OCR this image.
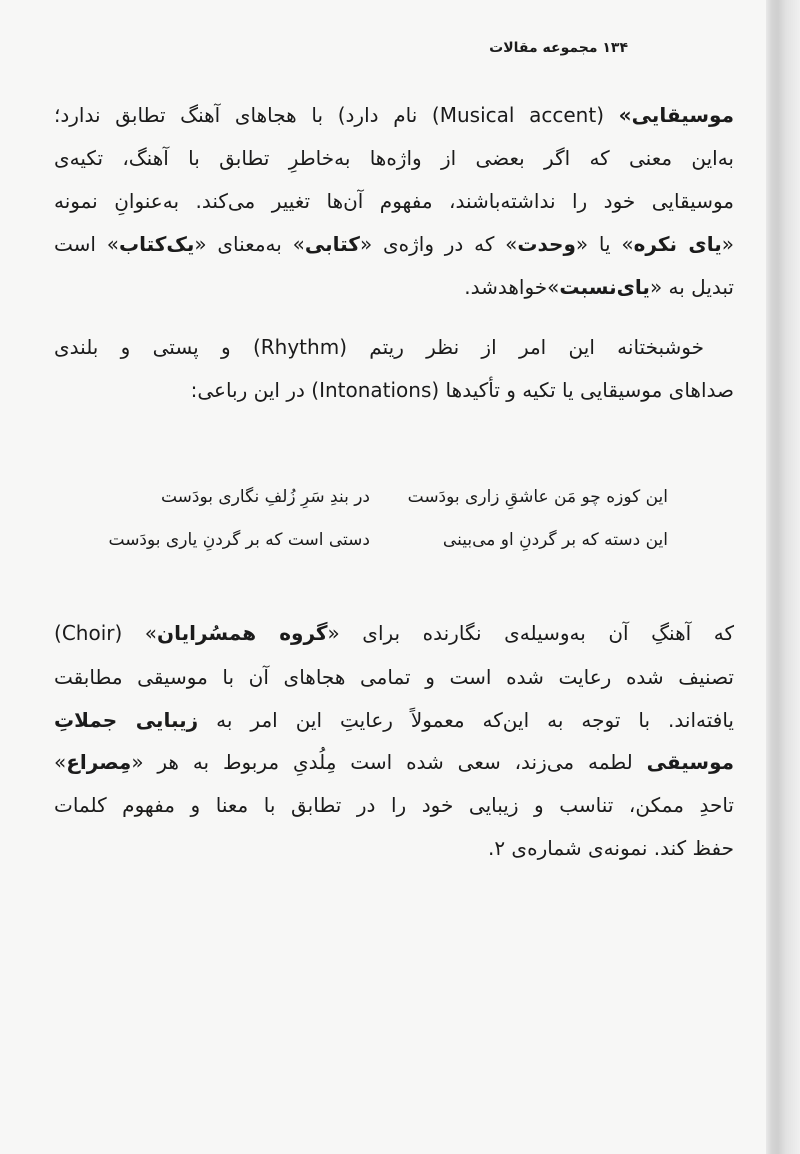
۱۳۴ مجموعه مقالات
موسیقایی» (Musical accent) نام دارد) با هجاهای آهنگ تطابق ندارد؛
به‌این معنی که اگر بعضی از واژه‌ها به‌خاطرِ تطابق با آهنگ، تکیه‌ی
موسیقایی خود را نداشته‌باشند، مفهوم آن‌ها تغییر می‌کند. به‌عنوانِ نمونه
«یای نکره» یا «وحدت» که در واژه‌ی «کتابی» به‌معنای «یک‌کتاب» است
تبدیل به «یای‌نسبت»خواهدشد.
خوشبختانه این امر از نظر ریتم (Rhythm) و پستی و بلندی
صداهای موسیقایی یا تکیه و تأکیدها (Intonations) در این رباعی:
که آهنگِ آن به‌وسیله‌ی نگارنده برای «گروه همسُرایان» (Choir)
تصنیف شده رعایت شده است و تمامی هجاهای آن با موسیقی مطابقت
یافته‌اند. با توجه به این‌که معمولاً رعایتِ این امر به زیبایی جملاتِ
موسیقی لطمه می‌زند، سعی شده است مِلُدیِ مربوط به هر «مِصراع»
تاحدِ ممکن، تناسب و زیبایی خود را در تطابق با معنا و مفهوم کلمات
حفظ کند. نمونه‌ی شماره‌ی ۲.
این کوزه چو مَن عاشقِ زاری بودَست
در بندِ سَرِ زُلفِ نگاری بودَست
این دسته که بر گردنِ او می‌بینی
دستی است که بر گردنِ یاری بودَست
